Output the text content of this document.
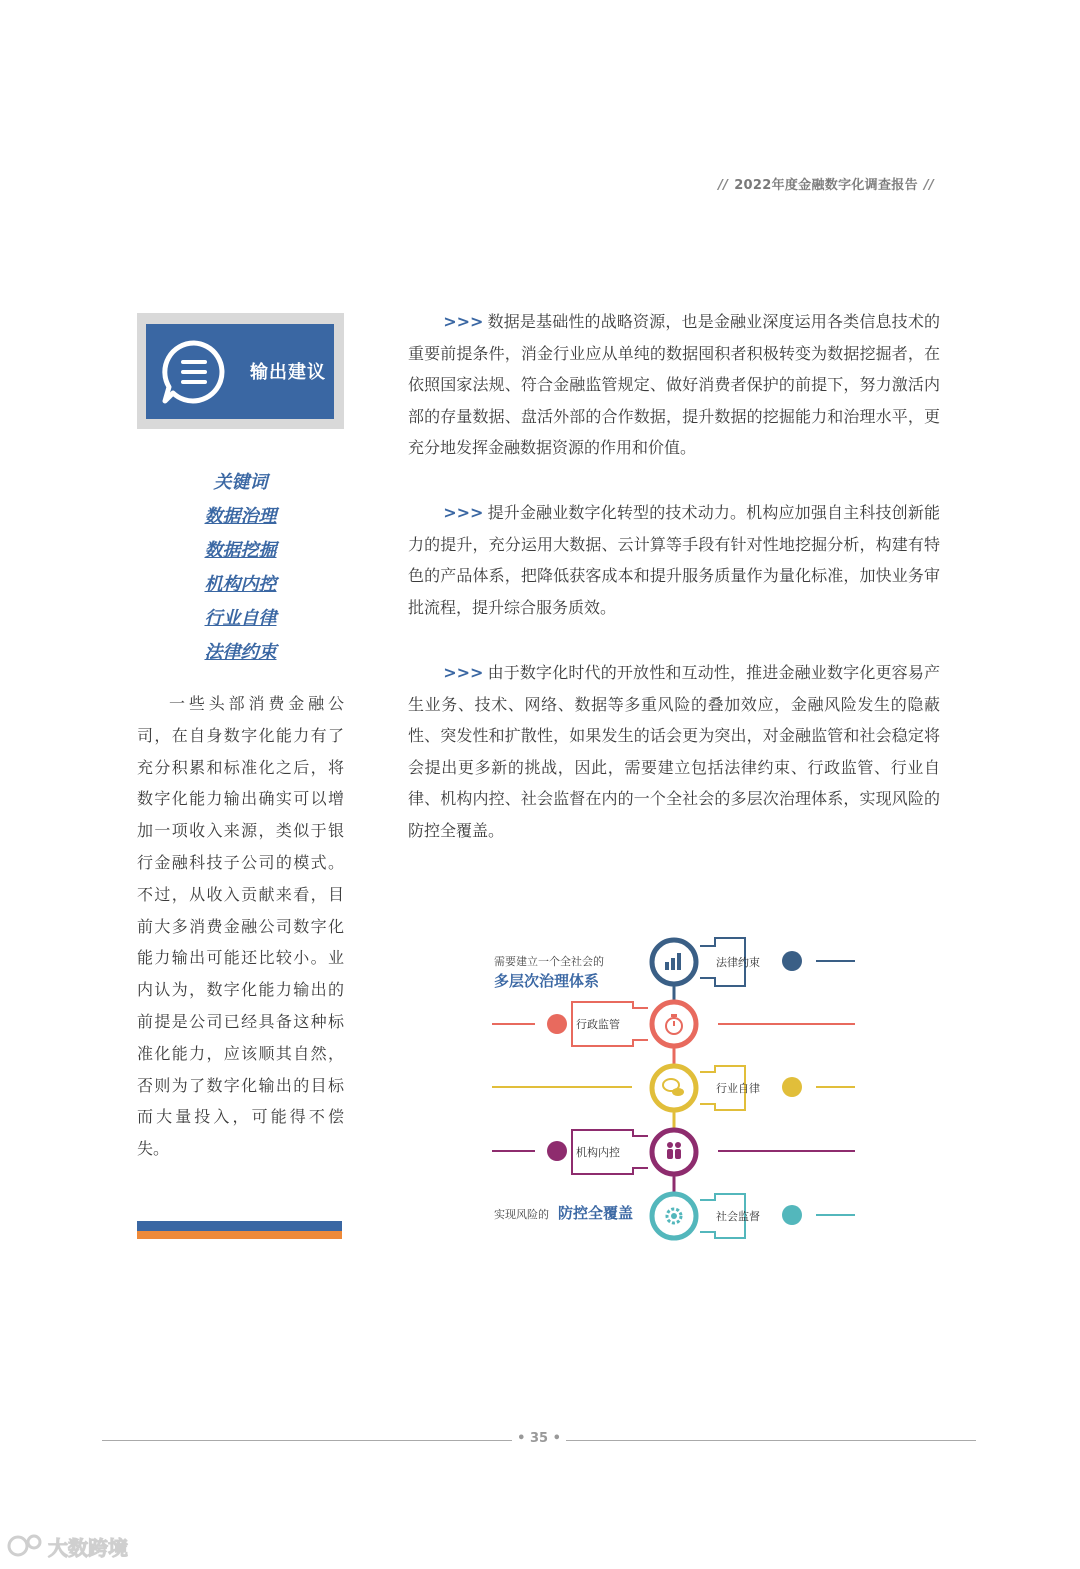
// 2022年度金融数字化调查报告 //
输出建议
关键词
数据治理
数据挖掘
机构内控
行业自律
法律约束
一些头部消费金融公司，在自身数字化能力有了充分积累和标准化之后，将数字化能力输出确实可以增加一项收入来源，类似于银行金融科技子公司的模式。不过，从收入贡献来看，目前大多消费金融公司数字化能力输出可能还比较小。业内认为，数字化能力输出的前提是公司已经具备这种标准化能力，应该顺其自然，否则为了数字化输出的目标而大量投入，可能得不偿失。
>>> 数据是基础性的战略资源，也是金融业深度运用各类信息技术的重要前提条件，消金行业应从单纯的数据囤积者积极转变为数据挖掘者，在依照国家法规、符合金融监管规定、做好消费者保护的前提下，努力激活内部的存量数据、盘活外部的合作数据，提升数据的挖掘能力和治理水平，更充分地发挥金融数据资源的作用和价值。
>>> 提升金融业数字化转型的技术动力。机构应加强自主科技创新能力的提升，充分运用大数据、云计算等手段有针对性地挖掘分析，构建有特色的产品体系，把降低获客成本和提升服务质量作为量化标准，加快业务审批流程，提升综合服务质效。
>>> 由于数字化时代的开放性和互动性，推进金融业数字化更容易产生业务、技术、网络、数据等多重风险的叠加效应，金融风险发生的隐蔽性、突发性和扩散性，如果发生的话会更为突出，对金融监管和社会稳定将会提出更多新的挑战，因此，需要建立包括法律约束、行政监管、行业自律、机构内控、社会监督在内的一个全社会的多层次治理体系，实现风险的防控全覆盖。
需要建立一个全社会的
多层次治理体系
实现风险的 防控全覆盖
法律约束
行政监管
行业自律
机构内控
社会监督
• 35 •
大数跨境
